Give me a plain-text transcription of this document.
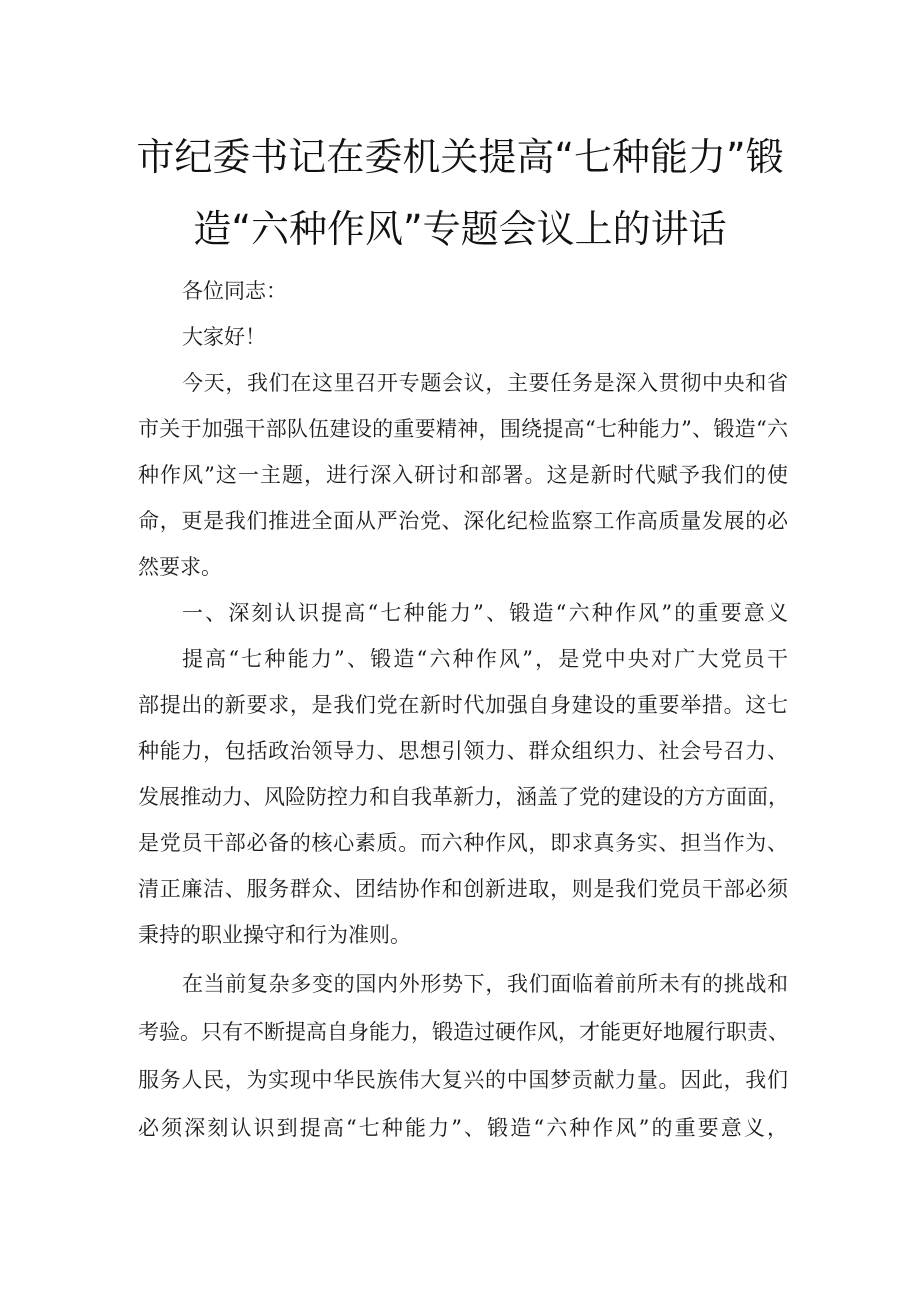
市纪委书记在委机关提高“七种能力”锻
造“六种作风”专题会议上的讲话
各位同志：
大家好！
今天，我们在这里召开专题会议，主要任务是深入贯彻中央和省
市关于加强干部队伍建设的重要精神，围绕提高“七种能力”、锻造“六
种作风”这一主题，进行深入研讨和部署。这是新时代赋予我们的使
命，更是我们推进全面从严治党、深化纪检监察工作高质量发展的必
然要求。
一、深刻认识提高“七种能力”、锻造“六种作风”的重要意义
提高“七种能力”、锻造“六种作风”，是党中央对广大党员干
部提出的新要求，是我们党在新时代加强自身建设的重要举措。这七
种能力，包括政治领导力、思想引领力、群众组织力、社会号召力、
发展推动力、风险防控力和自我革新力，涵盖了党的建设的方方面面，
是党员干部必备的核心素质。而六种作风，即求真务实、担当作为、
清正廉洁、服务群众、团结协作和创新进取，则是我们党员干部必须
秉持的职业操守和行为准则。
在当前复杂多变的国内外形势下，我们面临着前所未有的挑战和
考验。只有不断提高自身能力，锻造过硬作风，才能更好地履行职责、
服务人民，为实现中华民族伟大复兴的中国梦贡献力量。因此，我们
必须深刻认识到提高“七种能力”、锻造“六种作风”的重要意义，
